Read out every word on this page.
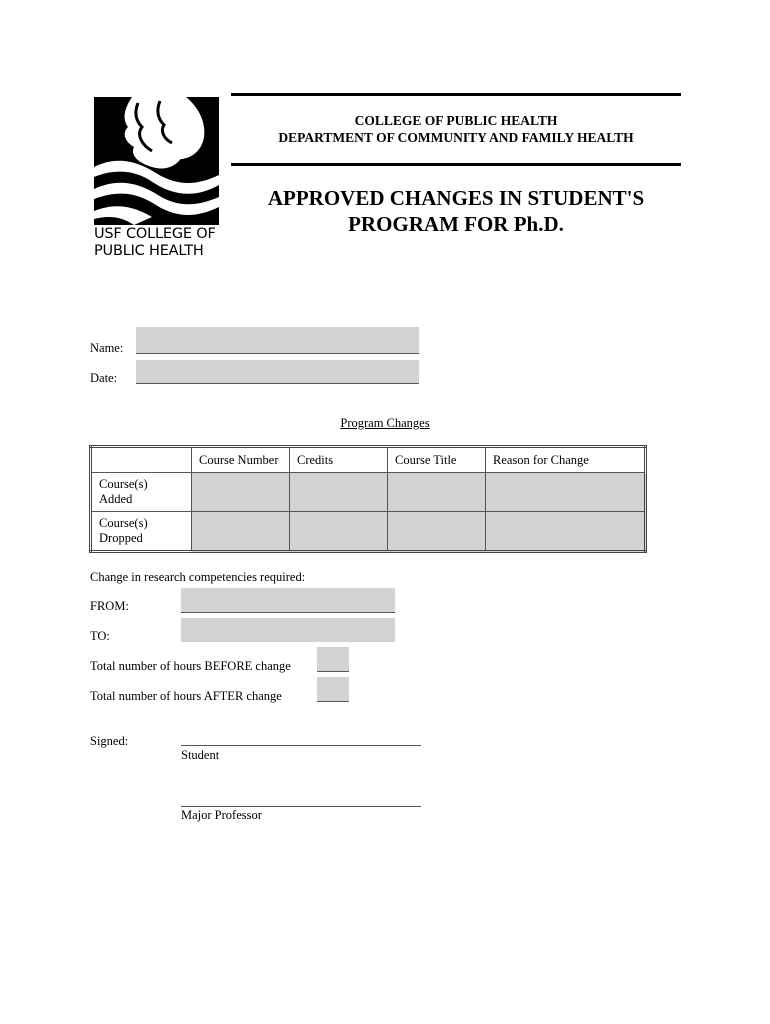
USF COLLEGE OF
PUBLIC HEALTH
COLLEGE OF PUBLIC HEALTH
DEPARTMENT OF COMMUNITY AND FAMILY HEALTH
APPROVED CHANGES IN STUDENT'S
PROGRAM FOR Ph.D.
Name:
Date:
Program Changes
	Course Number	Credits	Course Title	Reason for Change

Course(s)
Added				

Course(s)
Dropped				

Change in research competencies required:
FROM:
TO:
Total number of hours BEFORE change
Total number of hours AFTER change
Signed:
Student
Major Professor
